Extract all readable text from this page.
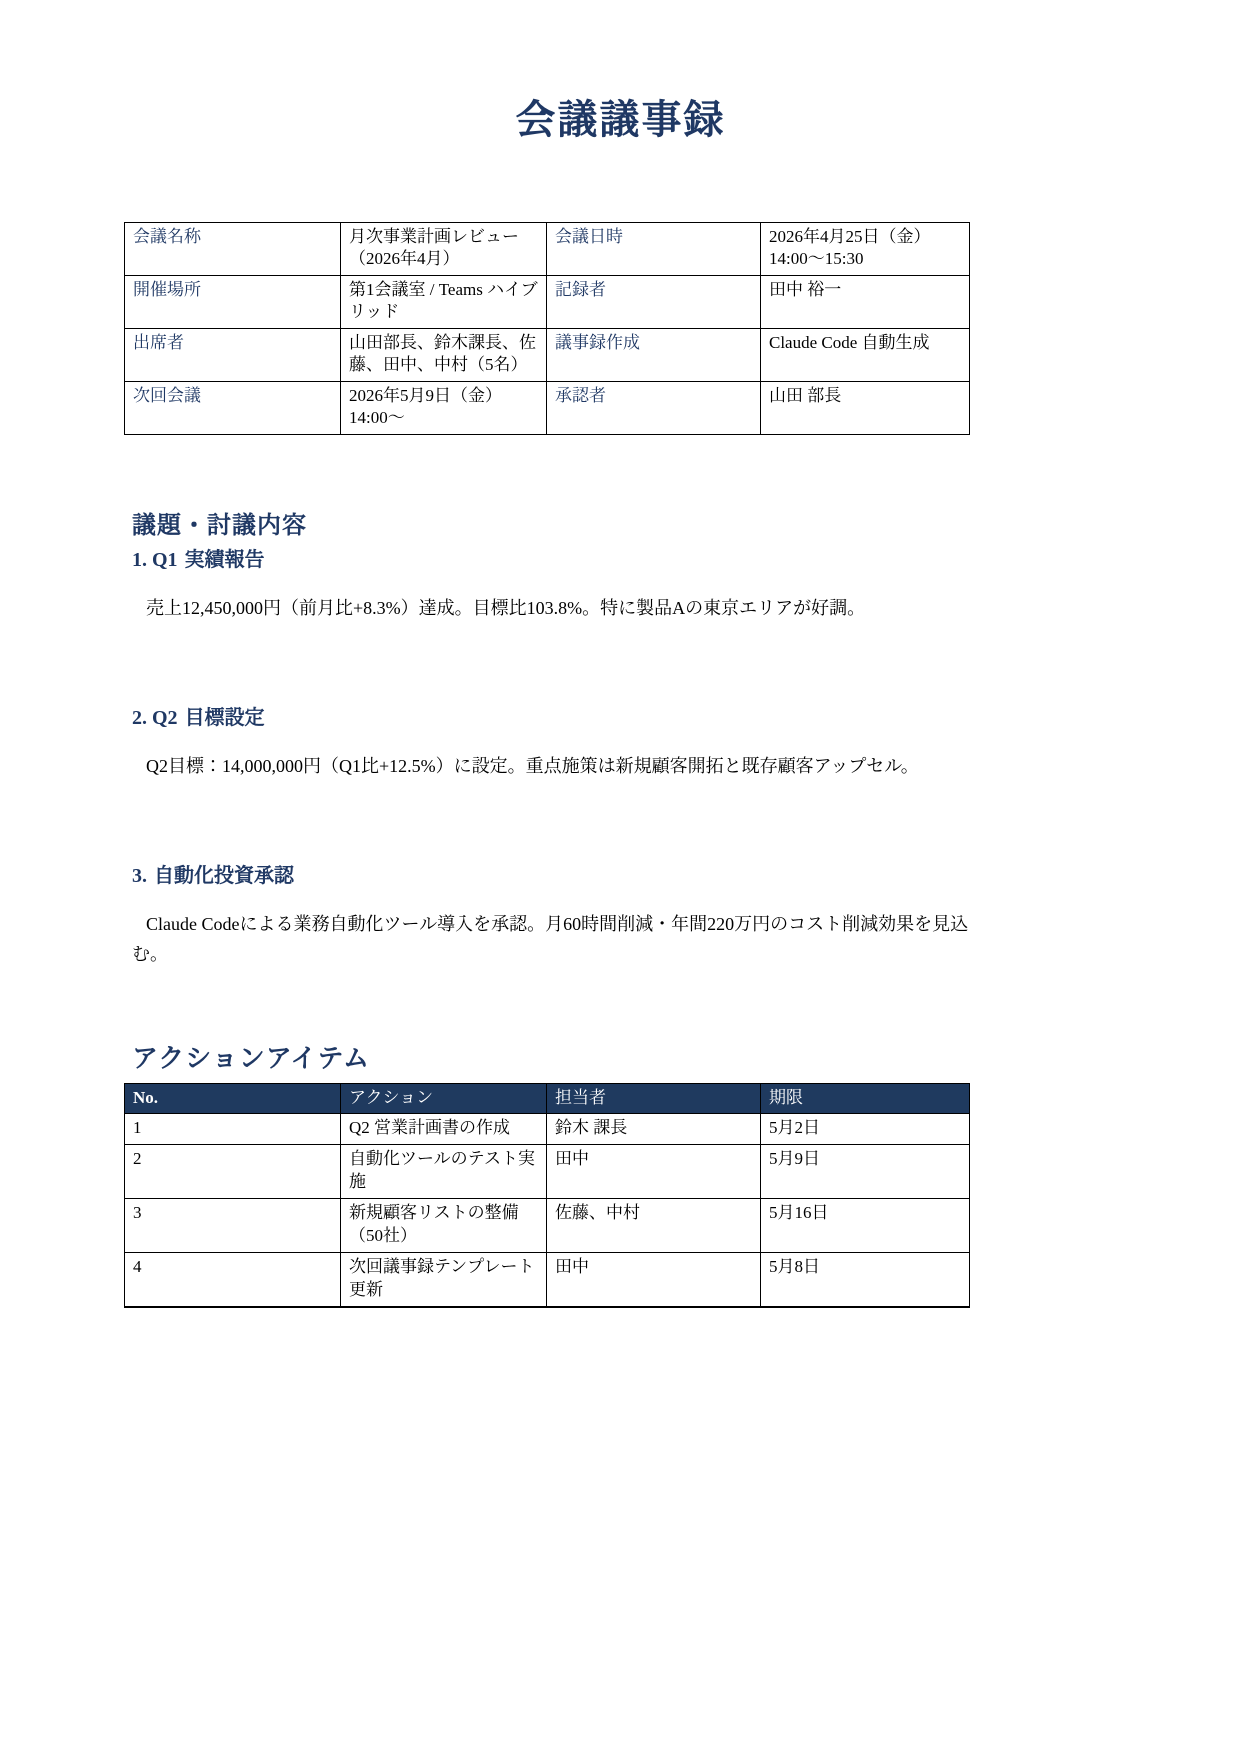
会議議事録
会議名称	月次事業計画レビュー（2026年4月）	会議日時	2026年4月25日（金）14:00〜15:30
開催場所	第1会議室 / Teams ハイブリッド	記録者	田中 裕一
出席者	山田部長、鈴木課長、佐藤、田中、中村（5名）	議事録作成	Claude Code 自動生成
次回会議	2026年5月9日（金）14:00〜	承認者	山田 部長
議題・討議内容
1. Q1 実績報告

売上12,450,000円（前月比+8.3%）達成。目標比103.8%。特に製品Aの東京エリアが好調。

2. Q2 目標設定

Q2目標：14,000,000円（Q1比+12.5%）に設定。重点施策は新規顧客開拓と既存顧客アップセル。

3. 自動化投資承認

Claude Codeによる業務自動化ツール導入を承認。月60時間削減・年間220万円のコスト削減効果を見込む。

アクションアイテム
No.	アクション	担当者	期限
1	Q2 営業計画書の作成	鈴木 課長	5月2日
2	自動化ツールのテスト実施	田中	5月9日
3	新規顧客リストの整備（50社）	佐藤、中村	5月16日
4	次回議事録テンプレート更新	田中	5月8日
